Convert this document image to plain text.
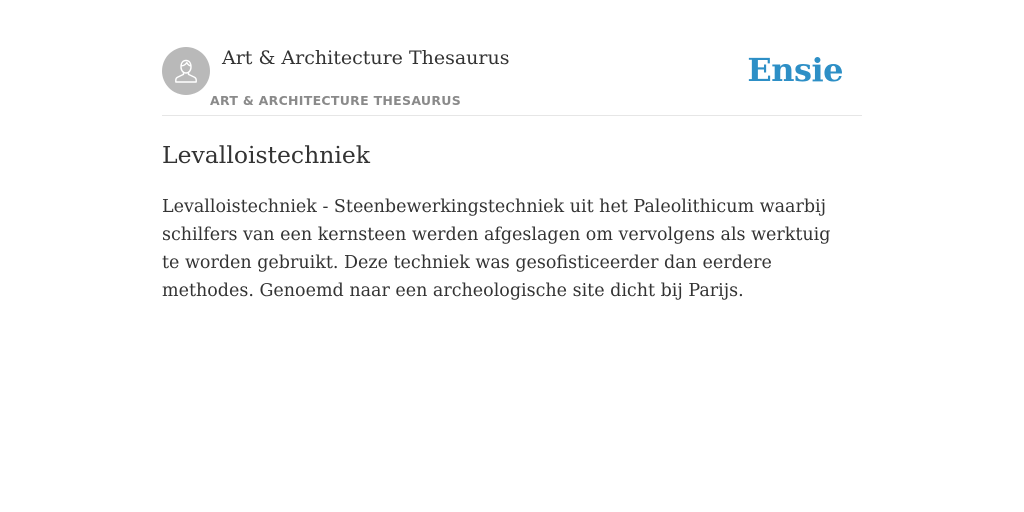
Art & Architecture Thesaurus
ART & ARCHITECTURE THESAURUS
Ensie
Levalloistechniek

Levalloistechniek - Steenbewerkingstechniek uit het Paleolithicum waarbij schilfers van een kernsteen werden afgeslagen om vervolgens als werktuig te worden gebruikt. Deze techniek was gesofisticeerder dan eerdere methodes. Genoemd naar een archeologische site dicht bij Parijs.
